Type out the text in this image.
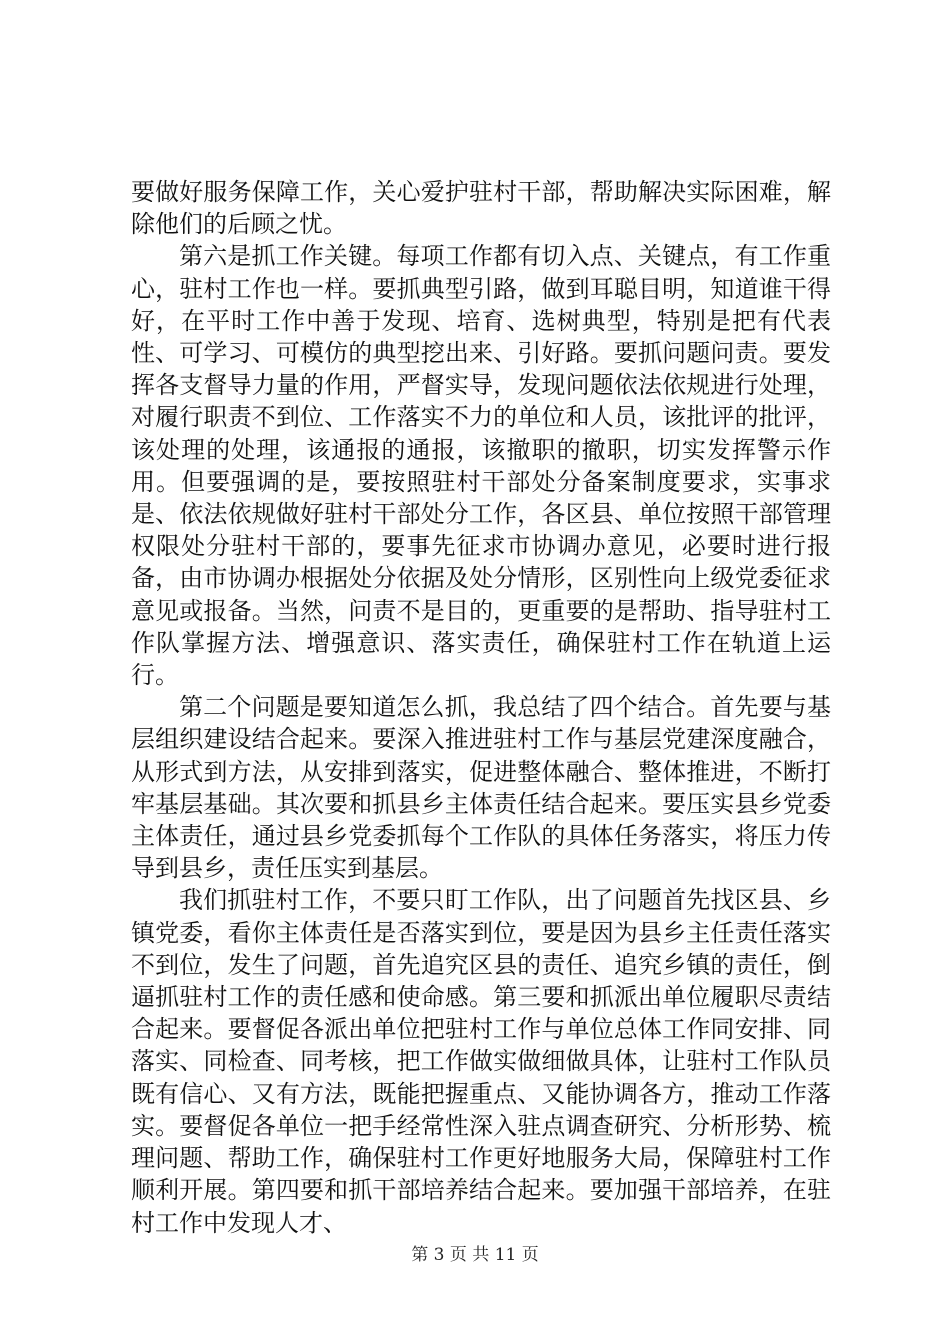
要做好服务保障工作，关心爱护驻村干部，帮助解决实际困难，解除他们的后顾之忧。

第六是抓工作关键。每项工作都有切入点、关键点，有工作重心，驻村工作也一样。要抓典型引路，做到耳聪目明，知道谁干得好，在平时工作中善于发现、培育、选树典型，特别是把有代表性、可学习、可模仿的典型挖出来、引好路。要抓问题问责。要发挥各支督导力量的作用，严督实导，发现问题依法依规进行处理，对履行职责不到位、工作落实不力的单位和人员，该批评的批评，该处理的处理，该通报的通报，该撤职的撤职，切实发挥警示作用。但要强调的是，要按照驻村干部处分备案制度要求，实事求是、依法依规做好驻村干部处分工作，各区县、单位按照干部管理权限处分驻村干部的，要事先征求市协调办意见，必要时进行报备，由市协调办根据处分依据及处分情形，区别性向上级党委征求意见或报备。当然，问责不是目的，更重要的是帮助、指导驻村工作队掌握方法、增强意识、落实责任，确保驻村工作在轨道上运行。

第二个问题是要知道怎么抓，我总结了四个结合。首先要与基层组织建设结合起来。要深入推进驻村工作与基层党建深度融合，从形式到方法，从安排到落实，促进整体融合、整体推进，不断打牢基层基础。其次要和抓县乡主体责任结合起来。要压实县乡党委主体责任，通过县乡党委抓每个工作队的具体任务落实，将压力传导到县乡，责任压实到基层。

我们抓驻村工作，不要只盯工作队，出了问题首先找区县、乡镇党委，看你主体责任是否落实到位，要是因为县乡主任责任落实不到位，发生了问题，首先追究区县的责任、追究乡镇的责任，倒逼抓驻村工作的责任感和使命感。第三要和抓派出单位履职尽责结合起来。要督促各派出单位把驻村工作与单位总体工作同安排、同落实、同检查、同考核，把工作做实做细做具体，让驻村工作队员既有信心、又有方法，既能把握重点、又能协调各方，推动工作落实。要督促各单位一把手经常性深入驻点调查研究、分析形势、梳理问题、帮助工作，确保驻村工作更好地服务大局，保障驻村工作顺利开展。第四要和抓干部培养结合起来。要加强干部培养，在驻村工作中发现人才、

第 3 页 共 11 页
